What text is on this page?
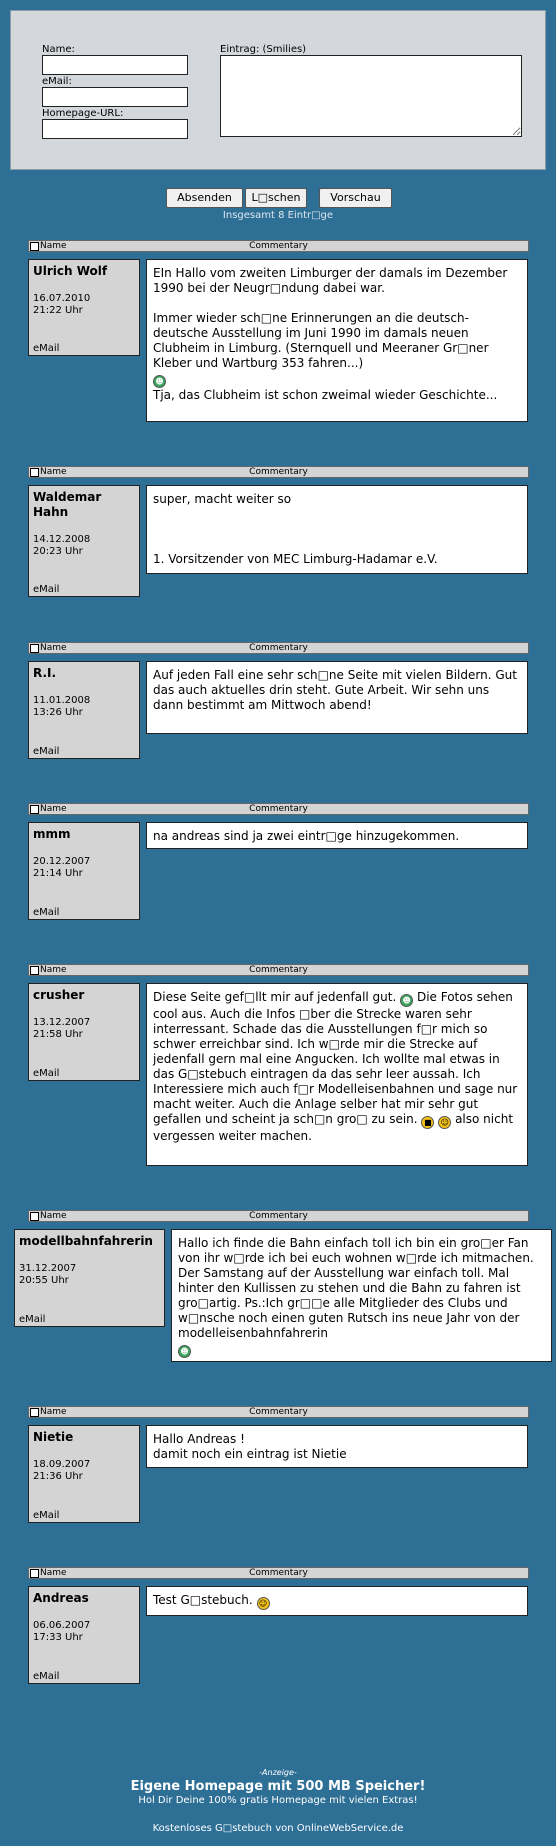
Name:
eMail:
Homepage-URL:
Eintrag: (Smilies)
Absenden	L□schen	Vorschau
Insgesamt 8 Eintr□ge
Name	Commentary
Ulrich Wolf
16.07.2010
21:22 Uhr
eMail

EIn Hallo vom zweiten Limburger der damals im Dezember 1990 bei der Neugr□ndung dabei war.

Immer wieder sch□ne Erinnerungen an die deutsch-deutsche Ausstellung im Juni 1990 im damals neuen Clubheim in Limburg. (Sternquell und Meeraner Gr□ner Kleber und Wartburg 353 fahren...)

☻

Tja, das Clubheim ist schon zweimal wieder Geschichte...

Name	Commentary
Waldemar Hahn
14.12.2008
20:23 Uhr
eMail

super, macht weiter so

1. Vorsitzender von MEC Limburg-Hadamar e.V.

Name	Commentary
R.I.
11.01.2008
13:26 Uhr
eMail

Auf jeden Fall eine sehr sch□ne Seite mit vielen Bildern. Gut das auch aktuelles drin steht. Gute Arbeit. Wir sehn uns dann bestimmt am Mittwoch abend!

Name	Commentary
mmm
20.12.2007
21:14 Uhr
eMail

na andreas sind ja zwei eintr□ge hinzugekommen.

Name	Commentary
crusher
13.12.2007
21:58 Uhr
eMail

Diese Seite gef□llt mir auf jedenfall gut. ☻ Die Fotos sehen cool aus. Auch die Infos □ber die Strecke waren sehr interressant. Schade das die Ausstellungen f□r mich so schwer erreichbar sind. Ich w□rde mir die Strecke auf jedenfall gern mal eine Angucken. Ich wollte mal etwas in das G□stebuch eintragen da das sehr leer aussah. Ich Interessiere mich auch f□r Modelleisenbahnen und sage nur macht weiter. Auch die Anlage selber hat mir sehr gut gefallen und scheint ja sch□n gro□ zu sein. ■ ☺ also nicht vergessen weiter machen.

Name	Commentary
modellbahnfahrerin
31.12.2007
20:55 Uhr
eMail

Hallo ich finde die Bahn einfach toll ich bin ein gro□er Fan von ihr w□rde ich bei euch wohnen w□rde ich mitmachen. Der Samstang auf der Ausstellung war einfach toll. Mal hinter den Kullissen zu stehen und die Bahn zu fahren ist gro□artig. Ps.:Ich gr□□e alle Mitglieder des Clubs und w□nsche noch einen guten Rutsch ins neue Jahr von der modelleisenbahnfahrerin

☻

Name	Commentary
Nietie
18.09.2007
21:36 Uhr
eMail

Hallo Andreas !

damit noch ein eintrag ist Nietie

Name	Commentary
Andreas
06.06.2007
17:33 Uhr
eMail

Test G□stebuch. ☺

-Anzeige-
Eigene Homepage mit 500 MB Speicher!
Hol Dir Deine 100% gratis Homepage mit vielen Extras!
Kostenloses G□stebuch von OnlineWebService.de
